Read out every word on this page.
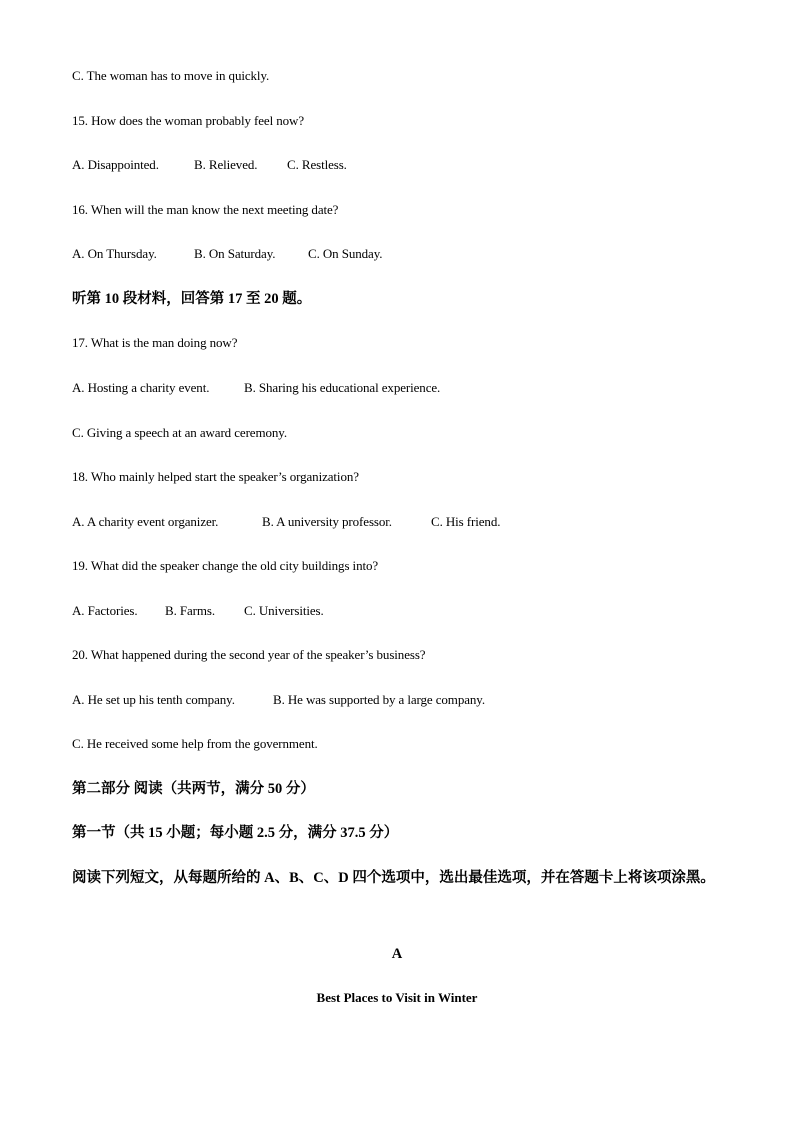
C. The woman has to move in quickly.
15. How does the woman probably feel now?
A. Disappointed.	B. Relieved. C. Restless.
16. When will the man know the next meeting date?
A. On Thursday.	B. On Saturday.	C. On Sunday.
听第 10 段材料，回答第 17 至 20 题。
17. What is the man doing now?
A. Hosting a charity event.	B. Sharing his educational experience.
C. Giving a speech at an award ceremony.
18. Who mainly helped start the speaker’s organization?
A. A charity event organizer.	B. A university professor.	C. His friend.
19. What did the speaker change the old city buildings into?
A. Factories. B. Farms. C. Universities.
20. What happened during the second year of the speaker’s business?
A. He set up his tenth company.	B. He was supported by a large company.
C. He received some help from the government.
第二部分 阅读（共两节，满分 50 分）
第一节（共 15 小题；每小题 2.5 分，满分 37.5 分）
阅读下列短文，从每题所给的 A、B、C、D 四个选项中，选出最佳选项，并在答题卡上将该项涂黑。
A
Best Places to Visit in Winter
